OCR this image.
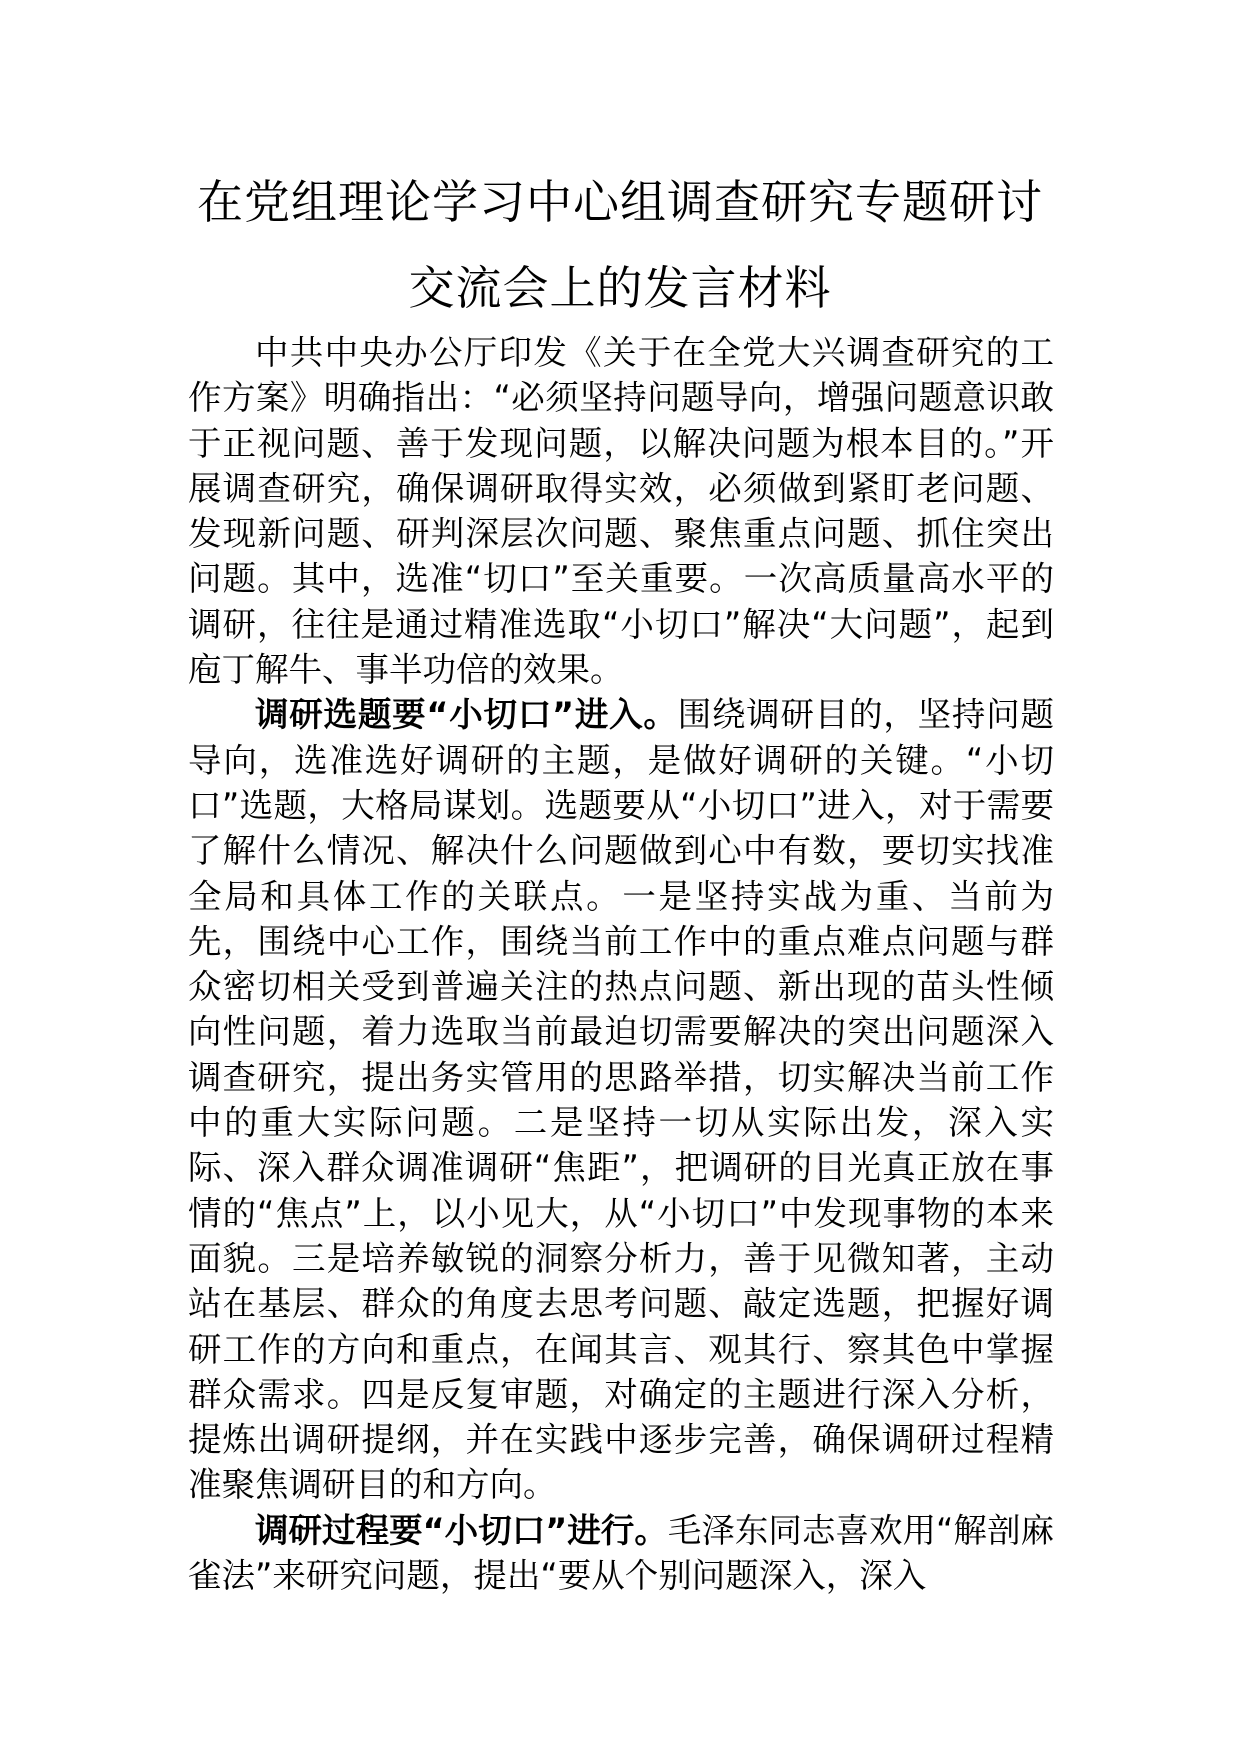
在党组理论学习中心组调查研究专题研讨
交流会上的发言材料

中共中央办公厅印发《关于在全党大兴调查研究的工作方案》明确指出：“必须坚持问题导向，增强问题意识敢于正视问题、善于发现问题，以解决问题为根本目的。”开展调查研究，确保调研取得实效，必须做到紧盯老问题、发现新问题、研判深层次问题、聚焦重点问题、抓住突出问题。其中，选准“切口”至关重要。一次高质量高水平的调研，往往是通过精准选取“小切口”解决“大问题”，起到庖丁解牛、事半功倍的效果。

调研选题要“小切口”进入。围绕调研目的，坚持问题导向，选准选好调研的主题，是做好调研的关键。“小切口”选题，大格局谋划。选题要从“小切口”进入，对于需要了解什么情况、解决什么问题做到心中有数，要切实找准全局和具体工作的关联点。一是坚持实战为重、当前为先，围绕中心工作，围绕当前工作中的重点难点问题与群众密切相关受到普遍关注的热点问题、新出现的苗头性倾向性问题，着力选取当前最迫切需要解决的突出问题深入调查研究，提出务实管用的思路举措，切实解决当前工作中的重大实际问题。二是坚持一切从实际出发，深入实际、深入群众调准调研“焦距”，把调研的目光真正放在事情的“焦点”上，以小见大，从“小切口”中发现事物的本来面貌。三是培养敏锐的洞察分析力，善于见微知著，主动站在基层、群众的角度去思考问题、敲定选题，把握好调研工作的方向和重点，在闻其言、观其行、察其色中掌握群众需求。四是反复审题，对确定的主题进行深入分析，提炼出调研提纲，并在实践中逐步完善，确保调研过程精准聚焦调研目的和方向。

调研过程要“小切口”进行。毛泽东同志喜欢用“解剖麻雀法”来研究问题，提出“要从个别问题深入，深入
